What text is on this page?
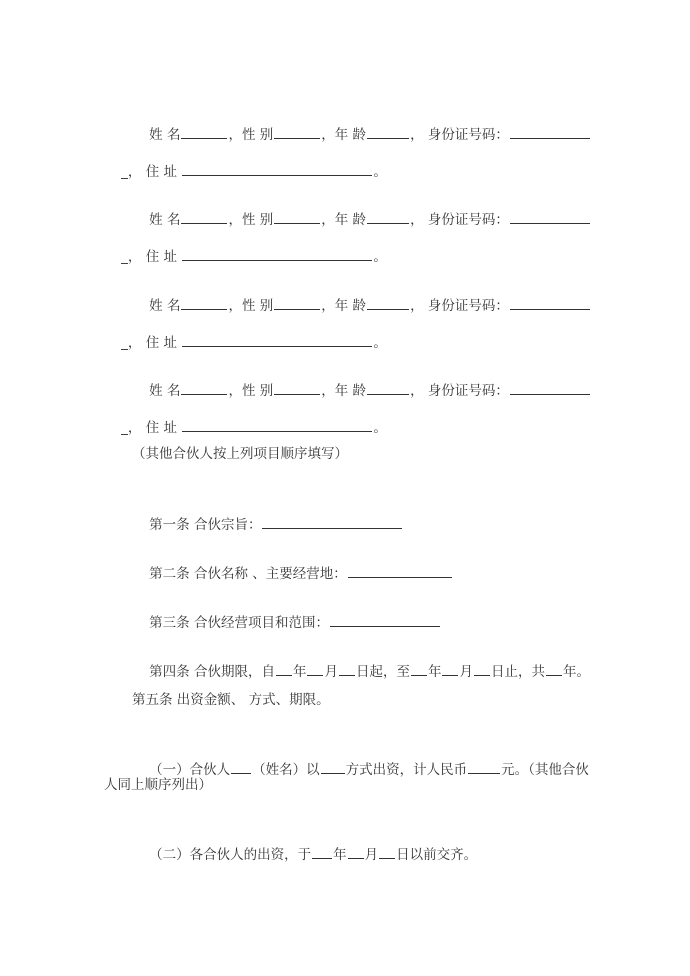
姓 名	，性 别	，年 龄	， 身份证号码：

_， 住 址	。

姓 名	，性 别	，年 龄	， 身份证号码：

_， 住 址	。

姓 名	，性 别	，年 龄	， 身份证号码：

_， 住 址	。

姓 名	，性 别	，年 龄	， 身份证号码：

_， 住 址	。

（其他合伙人按上列项目顺序填写）

第一条 合伙宗旨：

第二条 合伙名称 、主要经营地：

第三条 合伙经营项目和范围：

第四条 合伙期限，自 年 月 日起，至 年 月 日止，共 年。

第五条 出资金额、 方式、期限。

（一）合伙人 （姓名）以 方式出资，计人民币	元。（其他合伙

人同上顺序列出）

（二）各合伙人的出资，于 年 月 日以前交齐。
